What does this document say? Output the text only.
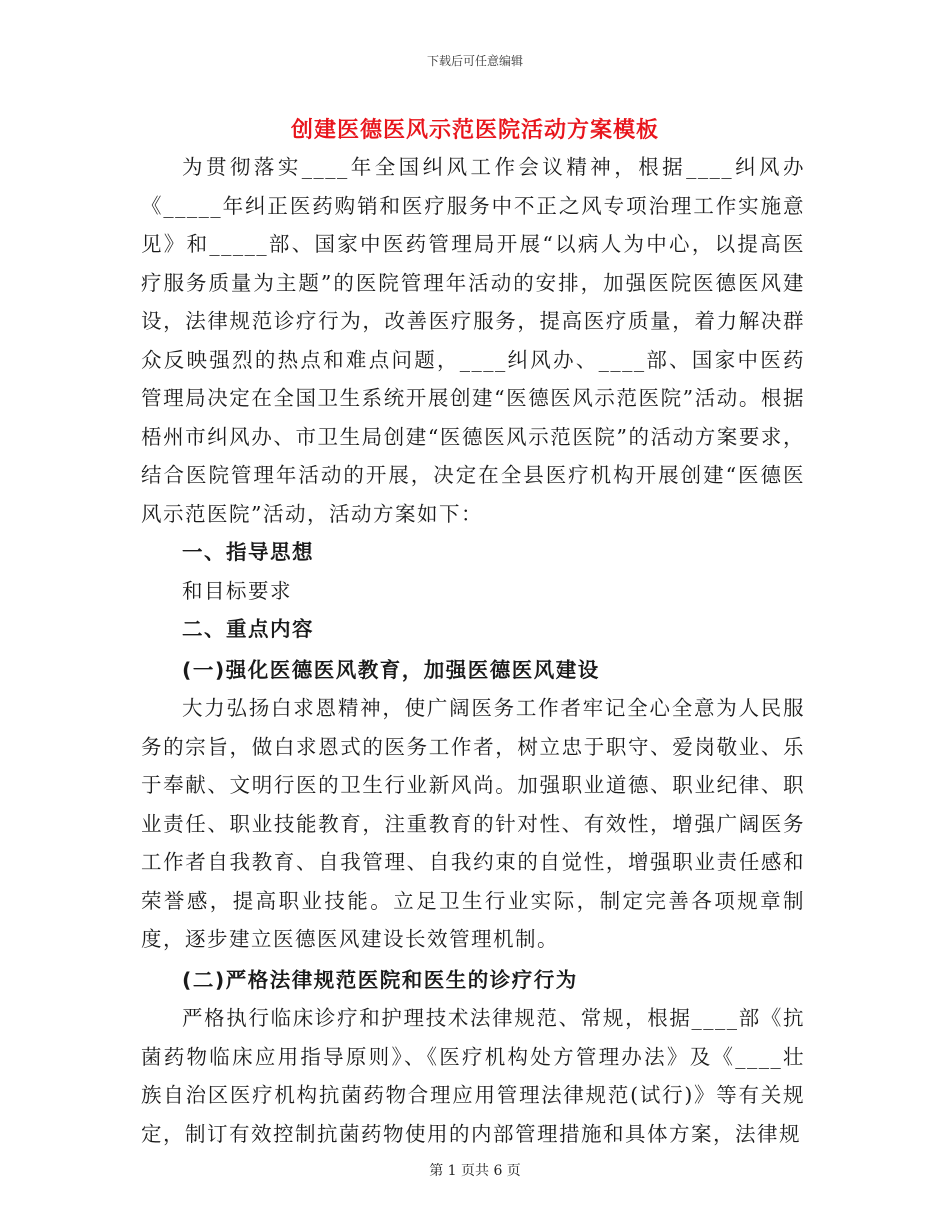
下载后可任意编辑
创建医德医风示范医院活动方案模板

为贯彻落实____年全国纠风工作会议精神，根据____纠风办《_____年纠正医药购销和医疗服务中不正之风专项治理工作实施意见》和_____部、国家中医药管理局开展“以病人为中心，以提高医疗服务质量为主题”的医院管理年活动的安排，加强医院医德医风建设，法律规范诊疗行为，改善医疗服务，提高医疗质量，着力解决群众反映强烈的热点和难点问题，____纠风办、____部、国家中医药管理局决定在全国卫生系统开展创建“医德医风示范医院”活动。根据梧州市纠风办、市卫生局创建“医德医风示范医院”的活动方案要求，结合医院管理年活动的开展，决定在全县医疗机构开展创建“医德医风示范医院”活动，活动方案如下：

一、指导思想

和目标要求

二、重点内容

(一)强化医德医风教育，加强医德医风建设

大力弘扬白求恩精神，使广阔医务工作者牢记全心全意为人民服务的宗旨，做白求恩式的医务工作者，树立忠于职守、爱岗敬业、乐于奉献、文明行医的卫生行业新风尚。加强职业道德、职业纪律、职业责任、职业技能教育，注重教育的针对性、有效性，增强广阔医务工作者自我教育、自我管理、自我约束的自觉性，增强职业责任感和荣誉感，提高职业技能。立足卫生行业实际，制定完善各项规章制度，逐步建立医德医风建设长效管理机制。

(二)严格法律规范医院和医生的诊疗行为

严格执行临床诊疗和护理技术法律规范、常规，根据____部《抗菌药物临床应用指导原则》、《医疗机构处方管理办法》及《____壮族自治区医疗机构抗菌药物合理应用管理法律规范(试行)》等有关规定，制订有效控制抗菌药物使用的内部管理措施和具体方案，法律规

第 1 页共 6 页
